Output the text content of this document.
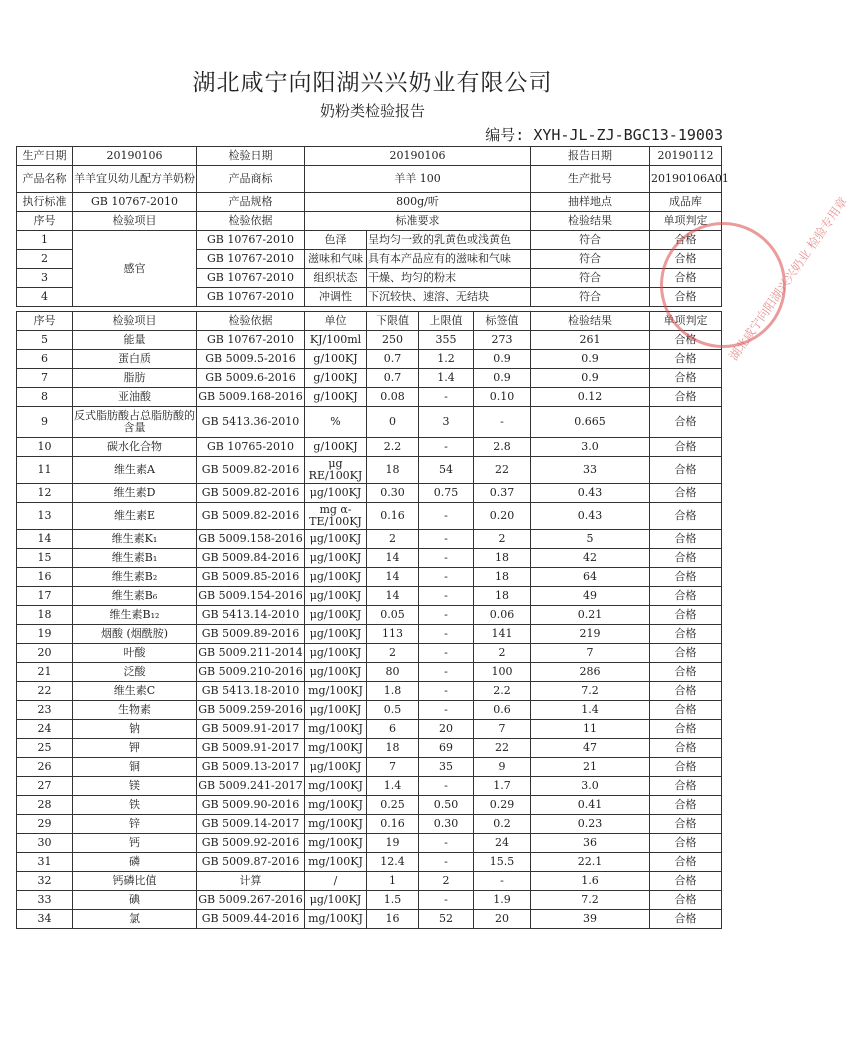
湖北咸宁向阳湖兴兴奶业有限公司
奶粉类检验报告
编号: XYH-JL-ZJ-BGC13-19003
生产日期	20190106	检验日期	20190106				报告日期	20190112
产品名称	羊羊宜贝幼儿配方羊奶粉	产品商标	羊羊 100				生产批号	20190106A01
执行标准	GB 10767-2010	产品规格	800g/听				抽样地点	成品库
序号	检验项目	检验依据	标准要求				检验结果	单项判定
1	感官	GB 10767-2010	色泽	呈均匀一致的乳黄色或浅黄色			符合	合格
2		GB 10767-2010	滋味和气味	具有本产品应有的滋味和气味			符合	合格
3		GB 10767-2010	组织状态	干燥、均匀的粉末			符合	合格
4		GB 10767-2010	冲调性	下沉较快、速溶、无结块			符合	合格

序号	检验项目	检验依据	单位	下限值	上限值	标签值	检验结果	单项判定
5	能量	GB 10767-2010	KJ/100ml	250	355	273	261	合格
6	蛋白质	GB 5009.5-2016	g/100KJ	0.7	1.2	0.9	0.9	合格
7	脂肪	GB 5009.6-2016	g/100KJ	0.7	1.4	0.9	0.9	合格
8	亚油酸	GB 5009.168-2016	g/100KJ	0.08	-	0.10	0.12	合格
9	反式脂肪酸占总脂肪酸的含量	GB 5413.36-2010	%	0	3	-	0.665	合格
10	碳水化合物	GB 10765-2010	g/100KJ	2.2	-	2.8	3.0	合格
11	维生素A	GB 5009.82-2016	μg RE/100KJ	18	54	22	33	合格
12	维生素D	GB 5009.82-2016	μg/100KJ	0.30	0.75	0.37	0.43	合格
13	维生素E	GB 5009.82-2016	mg α-TE/100KJ	0.16	-	0.20	0.43	合格
14	维生素K₁	GB 5009.158-2016	μg/100KJ	2	-	2	5	合格
15	维生素B₁	GB 5009.84-2016	μg/100KJ	14	-	18	42	合格
16	维生素B₂	GB 5009.85-2016	μg/100KJ	14	-	18	64	合格
17	维生素B₆	GB 5009.154-2016	μg/100KJ	14	-	18	49	合格
18	维生素B₁₂	GB 5413.14-2010	μg/100KJ	0.05	-	0.06	0.21	合格
19	烟酸 (烟酰胺)	GB 5009.89-2016	μg/100KJ	113	-	141	219	合格
20	叶酸	GB 5009.211-2014	μg/100KJ	2	-	2	7	合格
21	泛酸	GB 5009.210-2016	μg/100KJ	80	-	100	286	合格
22	维生素C	GB 5413.18-2010	mg/100KJ	1.8	-	2.2	7.2	合格
23	生物素	GB 5009.259-2016	μg/100KJ	0.5	-	0.6	1.4	合格
24	钠	GB 5009.91-2017	mg/100KJ	6	20	7	11	合格
25	钾	GB 5009.91-2017	mg/100KJ	18	69	22	47	合格
26	铜	GB 5009.13-2017	μg/100KJ	7	35	9	21	合格
27	镁	GB 5009.241-2017	mg/100KJ	1.4	-	1.7	3.0	合格
28	铁	GB 5009.90-2016	mg/100KJ	0.25	0.50	0.29	0.41	合格
29	锌	GB 5009.14-2017	mg/100KJ	0.16	0.30	0.2	0.23	合格
30	钙	GB 5009.92-2016	mg/100KJ	19	-	24	36	合格
31	磷	GB 5009.87-2016	mg/100KJ	12.4	-	15.5	22.1	合格
32	钙磷比值	计算	/	1	2	-	1.6	合格
33	碘	GB 5009.267-2016	μg/100KJ	1.5	-	1.9	7.2	合格
34	氯	GB 5009.44-2016	mg/100KJ	16	52	20	39	合格
湖北咸宁向阳湖兴兴奶业 检验专用章
